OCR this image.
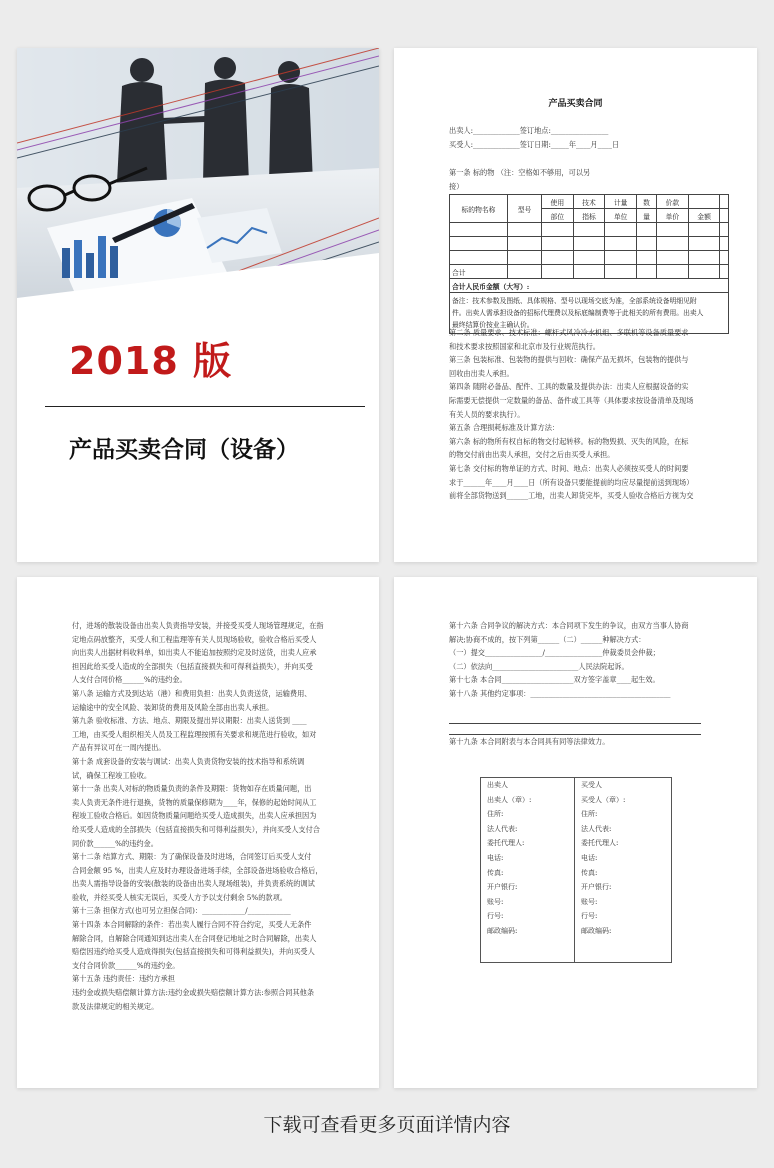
2018 版
产品买卖合同（设备）
产品买卖合同
出卖人:_____________签订地点:________________
买受人:_____________签订日期:_____年____月____日
第一条 标的物 （注：空格如不够用，可以另
接）
标的物名称	型号	使用	技术	计量	数	价款		
		部位	指标	单位	量	单价	金额	

合计								
合计人民币金额（大写）:								

备注：技术参数及图纸、具体规格、型号以现场交底为准，全部系统设备明细见附
件。出卖人需承担设备的招标代理费以及标底编制费等于此相关的所有费用。出卖人
最终结算价按业主确认价。								
第二条 质量要求、技术标准：螺杆式风冷冷水机组、多联机等设备质量要求
和技术要求按照国家和北京市及行业规范执行。
第三条 包装标准、包装物的提供与回收：确保产品无损坏，包装物的提供与
回收由出卖人承担。
第四条 随附必备品、配件、工具的数量及提供办法：出卖人应根据设备的实
际需要无偿提供一定数量的备品、备件或工具等（具体要求按设备清单及现场
有关人员的要求执行）。
第五条 合理损耗标准及计算方法：
第六条 标的物所有权自标的物交付起转移。标的物毁损、灭失的风险，在标
的物交付前由出卖人承担，交付之后由买受人承担。
第七条 交付标的物单证的方式、时间、地点：出卖人必须按买受人的时间要
求于______年____月____日（所有设备只要能提前的均应尽量提前送到现场）
前将全部货物送到______工地，出卖人卸货完毕，买受人验收合格后方视为交
付，进场的散装设备由出卖人负责指导安装，并接受买受人现场管理规定，在指
定地点码放整齐，买受人和工程监理等有关人员现场验收，验收合格后买受人
向出卖人出据材料收料单，如出卖人不能追加按照约定及时送货，出卖人应承
担因此给买受人造成的全部损失（包括直接损失和可得利益损失），并向买受
人支付合同价格______%的违约金。
第八条 运输方式及到达站（港）和费用负担：出卖人负责送货，运输费用、
运输途中的安全风险、装卸货的费用及风险全部由出卖人承担。
第九条 验收标准、方法、地点、期限及提出异议期限：出卖人送货到 ____
工地，由买受人组织相关人员及工程监理按照有关要求和规范进行验收，如对
产品有异议可在一周内提出。
第十条 成套设备的安装与调试：出卖人负责货物安装的技术指导和系统调
试，确保工程竣工验收。
第十一条 出卖人对标的物质量负责的条件及期限：货物如存在质量问题，出
卖人负责无条件进行退换，货物的质量保修期为____年，保修的起始时间从工
程竣工验收合格后。如因货物质量问题给买受人造成损失，出卖人应承担因为
给买受人造成的全部损失（包括直接损失和可得利益损失），并向买受人支付合
同价款______%的违约金。
第十二条 结算方式、期限：为了确保设备及时进场，合同签订后买受人支付
合同金额 95 %，出卖人应及时办理设备进场手续，全部设备进场验收合格后，
出卖人需指导设备的安装(散装的设备由出卖人现场组装)，并负责系统的调试
验收，并经买受人核实无误后，买受人方予以支付剩余 5%的款项。
第十三条 担保方式(也可另立担保合同)：____________/____________
第十四条 本合同解除的条件：若出卖人履行合同不符合约定，买受人无条件
解除合同，自解除合同通知到达出卖人在合同登记地址之时合同解除，出卖人
赔偿因违约给买受人造成得损失(包括直接损失和可得利益损失)，并向买受人
支付合同价款______%的违约金。
第十五条 违约责任：违约方承担
违约金或损失赔偿额计算方法:违约金或损失赔偿额计算方法:参照合同其他条
款及法律规定的相关规定。
第十六条 合同争议的解决方式：本合同项下发生的争议，由双方当事人协商
解决;协商不成的，按下列第______（二）______种解决方式：
（一）提交________________/________________仲裁委员会仲裁；
（二）依法向________________________人民法院起诉。
第十七条 本合同____________________双方签字盖章____起生效。
第十八条 其他约定事项：_______________________________________
第十九条 本合同附表与本合同具有同等法律效力。
出卖人
出卖人（章）:
住所:
法人代表:
委托代理人:
电话:
传真:
开户银行:
账号:
行号:
邮政编码:
买受人
买受人（章）:
住所:
法人代表:
委托代理人:
电话:
传真:
开户银行:
账号:
行号:
邮政编码:
下载可查看更多页面详情内容
